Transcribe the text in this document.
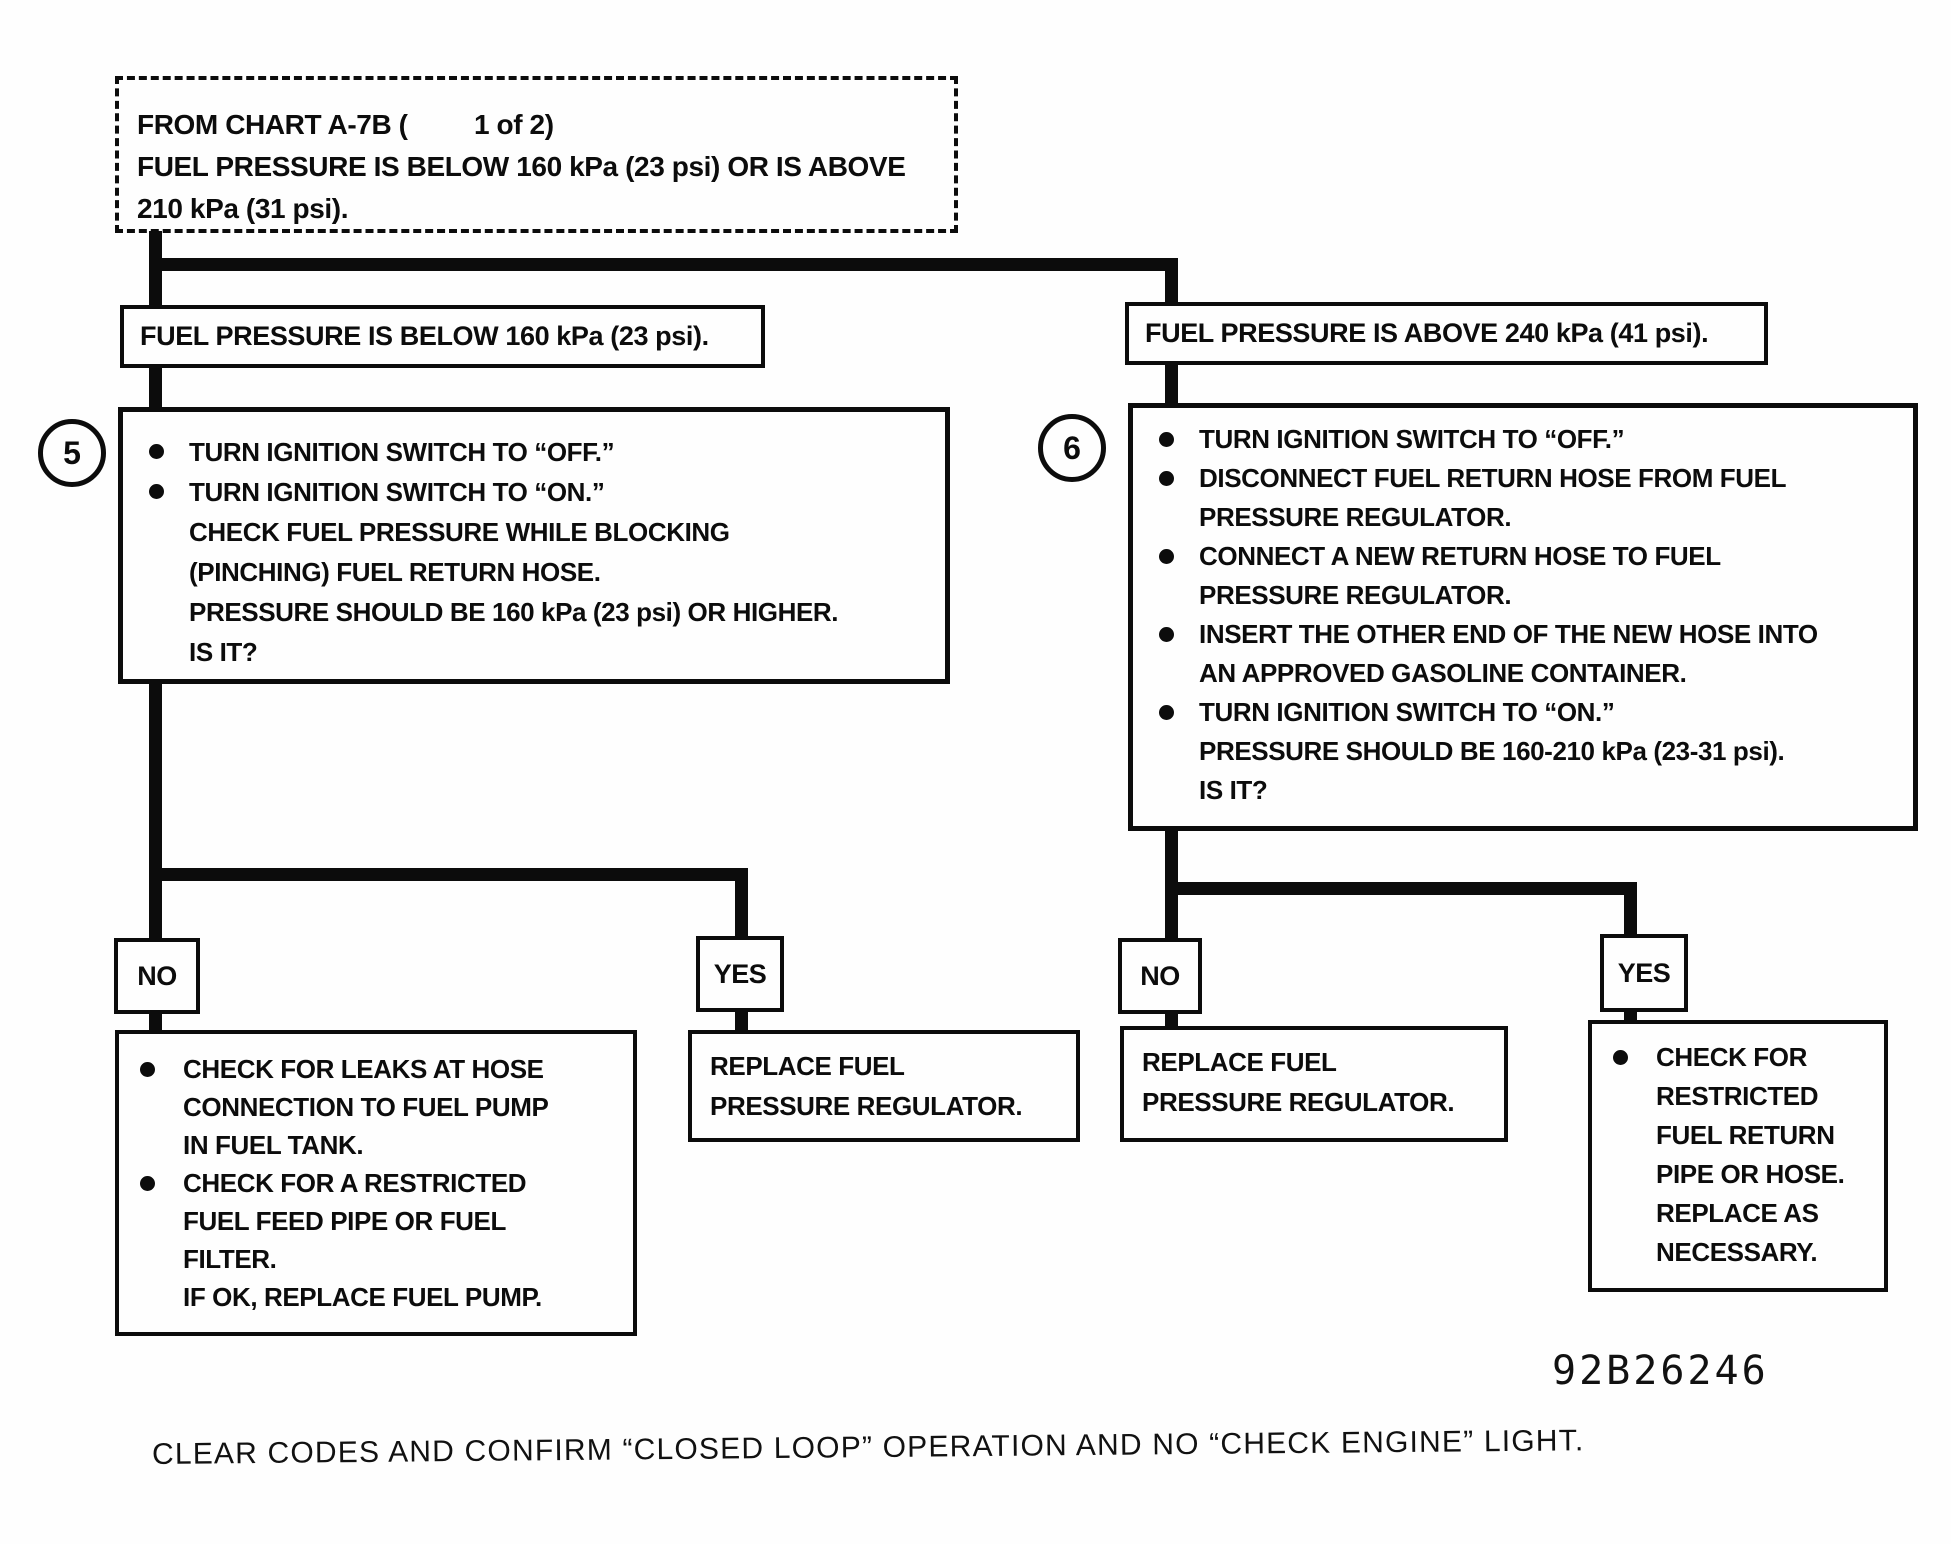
FROM CHART A-7B (         1 of 2)
FUEL PRESSURE IS BELOW 160 kPa (23 psi) OR IS ABOVE
210 kPa (31 psi).
FUEL PRESSURE IS BELOW 160 kPa (23 psi).	FUEL PRESSURE IS ABOVE 240 kPa (41 psi).
5	6
TURN IGNITION SWITCH TO “OFF.”
TURN IGNITION SWITCH TO “ON.”
CHECK FUEL PRESSURE WHILE BLOCKING
(PINCHING) FUEL RETURN HOSE.
PRESSURE SHOULD BE 160 kPa (23 psi) OR HIGHER.
IS IT?
TURN IGNITION SWITCH TO “OFF.”
DISCONNECT FUEL RETURN HOSE FROM FUEL
PRESSURE REGULATOR.
CONNECT A NEW RETURN HOSE TO FUEL
PRESSURE REGULATOR.
INSERT THE OTHER END OF THE NEW HOSE INTO
AN APPROVED GASOLINE CONTAINER.
TURN IGNITION SWITCH TO “ON.”
PRESSURE SHOULD BE 160-210 kPa (23-31 psi).
IS IT?
NO	YES
CHECK FOR LEAKS AT HOSE
CONNECTION TO FUEL PUMP
IN FUEL TANK.
CHECK FOR A RESTRICTED
FUEL FEED PIPE OR FUEL
FILTER.
IF OK, REPLACE FUEL PUMP.
REPLACE FUEL
PRESSURE REGULATOR.
NO	YES
REPLACE FUEL
PRESSURE REGULATOR.
CHECK FOR
RESTRICTED
FUEL RETURN
PIPE OR HOSE.
REPLACE AS
NECESSARY.
92B26246
CLEAR CODES AND CONFIRM “CLOSED LOOP” OPERATION AND NO “CHECK ENGINE” LIGHT.
